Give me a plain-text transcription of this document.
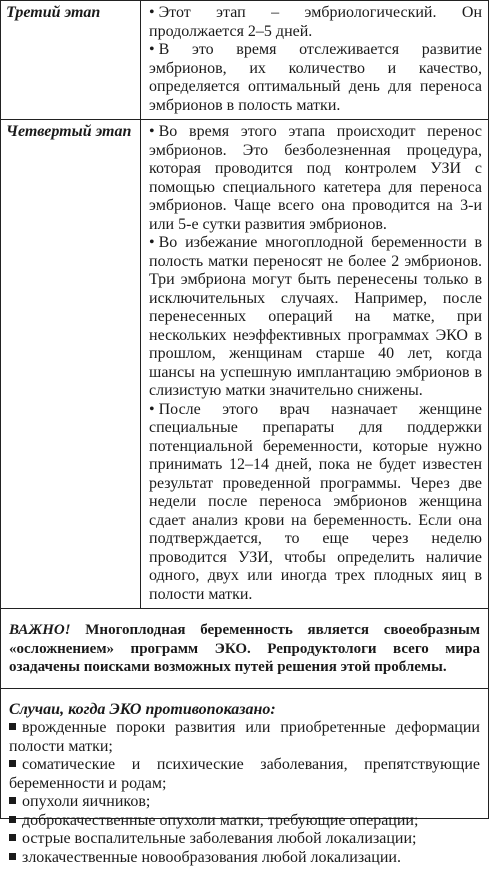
Третий этап	• Этот этап – эмбриологический. Он продолжается 2–5 дней.
• В это время отслеживается развитие эмбрионов, их количество и качество, определяется оптимальный день для переноса эмбрионов в полость матки.

Четвертый этап	• Во время этого этапа происходит перенос эмбрионов. Это безболезненная процедура, которая проводится под контролем УЗИ с помощью специального катетера для переноса эмбрионов. Чаще всего она проводится на 3-и или 5-е сутки развития эмбрионов.
• Во избежание многоплодной беременности в полость матки переносят не более 2 эмбрионов. Три эмбриона могут быть перенесены только в исключительных случаях. Например, после перенесенных операций на матке, при нескольких неэффективных программах ЭКО в прошлом, женщинам старше 40 лет, когда шансы на успешную имплантацию эмбрионов в слизистую матки значительно снижены.
• После этого врач назначает женщине специальные препараты для поддержки потенциальной беременности, которые нужно принимать 12–14 дней, пока не будет известен результат проведенной программы. Через две недели после переноса эмбрионов женщина сдает анализ крови на беременность. Если она подтверждается, то еще через неделю проводится УЗИ, чтобы определить наличие одного, двух или иногда трех плодных яиц в полости матки.
ВАЖНО! Многоплодная беременность является своеобразным «осложнением» программ ЭКО. Репродуктологи всего мира озадачены поисками возможных путей решения этой проблемы.
Случаи, когда ЭКО противопоказано:
врожденные пороки развития или приобретенные деформации полости матки;
соматические и психические заболевания, препятствующие беременности и родам;
опухоли яичников;
доброкачественные опухоли матки, требующие операции;
острые воспалительные заболевания любой локализации;
злокачественные новообразования любой локализации.
